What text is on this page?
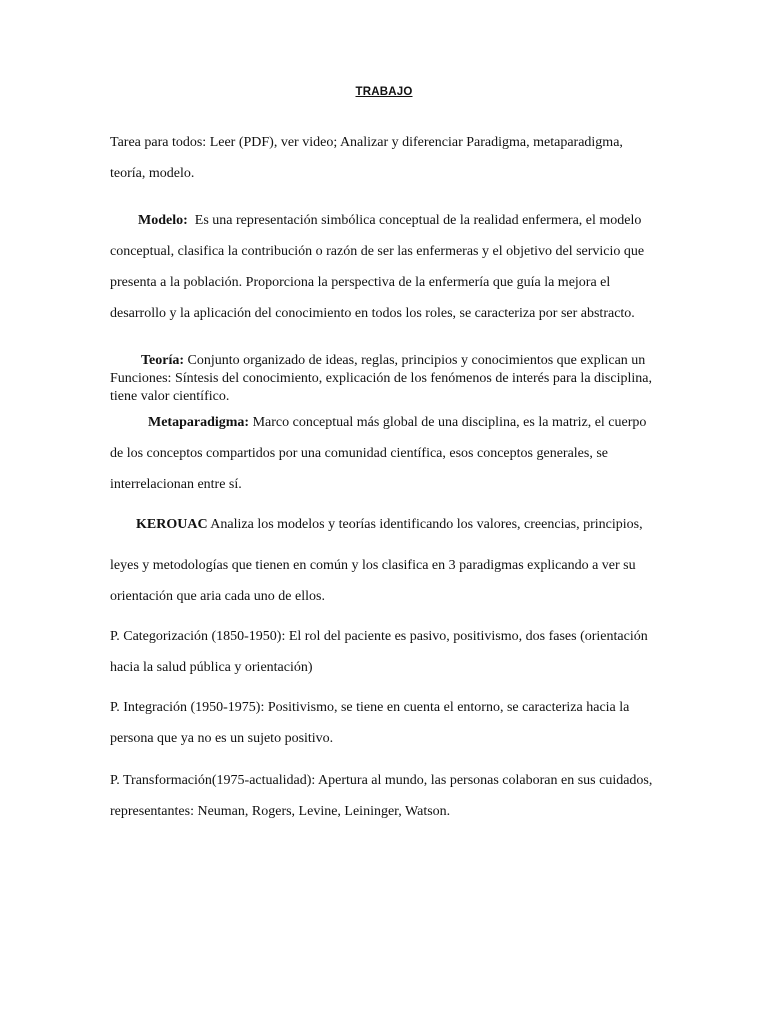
TRABAJO

Tarea para todos: Leer (PDF), ver video; Analizar y diferenciar Paradigma, metaparadigma, teoría, modelo.

Modelo: Es una representación simbólica conceptual de la realidad enfermera, el modelo conceptual, clasifica la contribución o razón de ser las enfermeras y el objetivo del servicio que presenta a la población. Proporciona la perspectiva de la enfermería que guía la mejora el desarrollo y la aplicación del conocimiento en todos los roles, se caracteriza por ser abstracto.

Teoría: Conjunto organizado de ideas, reglas, principios y conocimientos que explican un Funciones: Síntesis del conocimiento, explicación de los fenómenos de interés para la disciplina, tiene valor científico.

Metaparadigma: Marco conceptual más global de una disciplina, es la matriz, el cuerpo de los conceptos compartidos por una comunidad científica, esos conceptos generales, se interrelacionan entre sí.

KEROUAC Analiza los modelos y teorías identificando los valores, creencias, principios,
leyes y metodologías que tienen en común y los clasifica en 3 paradigmas explicando a ver su orientación que aria cada uno de ellos.

P. Categorización (1850-1950): El rol del paciente es pasivo, positivismo, dos fases (orientación hacia la salud pública y orientación)

P. Integración (1950-1975): Positivismo, se tiene en cuenta el entorno, se caracteriza hacia la persona que ya no es un sujeto positivo.

P. Transformación(1975-actualidad): Apertura al mundo, las personas colaboran en sus cuidados, representantes: Neuman, Rogers, Levine, Leininger, Watson.
